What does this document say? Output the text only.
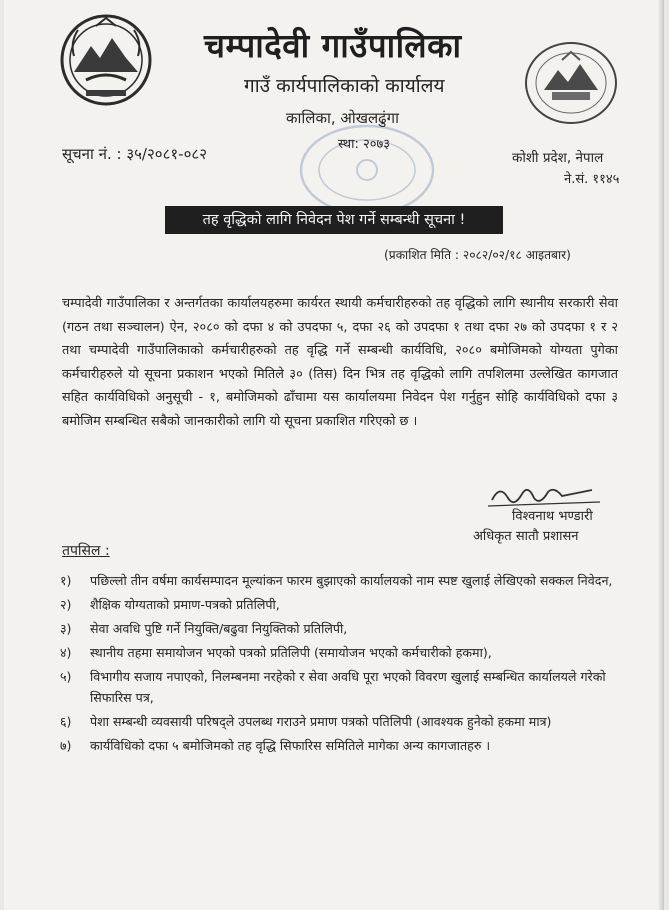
चम्पादेवी गाउँपालिका
गाउँ कार्यपालिकाको कार्यालय
कालिका, ओखलढुंगा
स्था: २०७३
सूचना नं. : ३५/२०८१-०८२	कोशी प्रदेश, नेपाल
ने.सं. ११४५
तह वृद्धिको लागि निवेदन पेश गर्ने सम्बन्धी सूचना !
(प्रकाशित मिति : २०८२/०२/१८ आइतबार)
चम्पादेवी गाउँपालिका र अन्तर्गतका कार्यालयहरुमा कार्यरत स्थायी कर्मचारीहरुको तह वृद्धिको लागि स्थानीय सरकारी सेवा (गठन तथा सञ्चालन) ऐन, २०८० को दफा ४ को उपदफा ५, दफा २६ को उपदफा १ तथा दफा २७ को उपदफा १ र २ तथा चम्पादेवी गाउँपालिकाको कर्मचारीहरुको तह वृद्धि गर्ने सम्बन्धी कार्यविधि, २०८० बमोजिमको योग्यता पुगेका कर्मचारीहरुले यो सूचना प्रकाशन भएको मितिले ३० (तिस) दिन भित्र तह वृद्धिको लागि तपशिलमा उल्लेखित कागजात सहित कार्यविधिको अनुसूची - १, बमोजिमको ढाँचामा यस कार्यालयमा निवेदन पेश गर्नुहुन सोहि कार्यविधिको दफा ३ बमोजिम सम्बन्धित सबैको जानकारीको लागि यो सूचना प्रकाशित गरिएको छ ।
विश्वनाथ भण्डारी
अधिकृत सातौ प्रशासन
तपसिल :
१) पछिल्लो तीन वर्षमा कार्यसम्पादन मूल्यांकन फारम बुझाएको कार्यालयको नाम स्पष्ट खुलाई लेखिएको सक्कल निवेदन,
२) शैक्षिक योग्यताको प्रमाण-पत्रको प्रतिलिपी,
३) सेवा अवधि पुष्टि गर्ने नियुक्ति/बढुवा नियुक्तिको प्रतिलिपी,
४) स्थानीय तहमा समायोजन भएको पत्रको प्रतिलिपी (समायोजन भएको कर्मचारीको हकमा),
५) विभागीय सजाय नपाएको, निलम्बनमा नरहेको र सेवा अवधि पूरा भएको विवरण खुलाई सम्बन्धित कार्यालयले गरेको सिफारिस पत्र,
६) पेशा सम्बन्धी व्यवसायी परिषद्ले उपलब्ध गराउने प्रमाण पत्रको पतिलिपी (आवश्यक हुनेको हकमा मात्र)
७) कार्यविधिको दफा ५ बमोजिमको तह वृद्धि सिफारिस समितिले मागेका अन्य कागजातहरु ।
